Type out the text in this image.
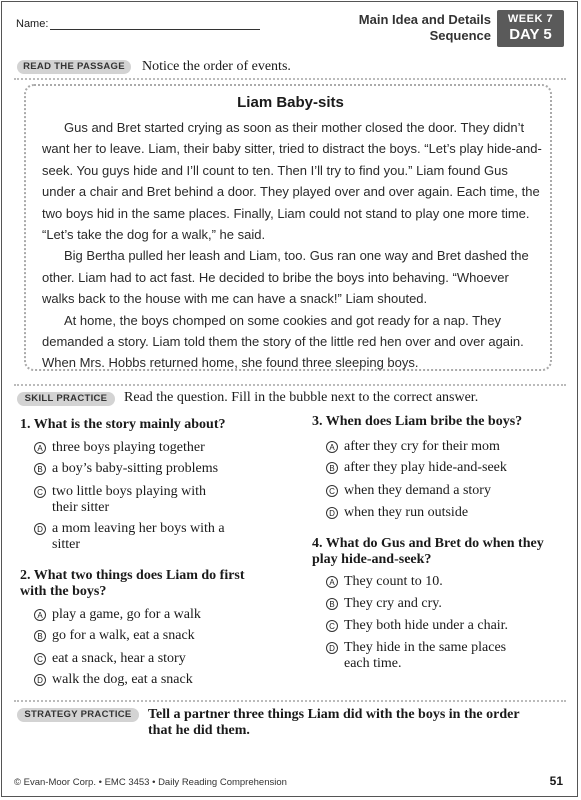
Name:	Main Idea and Details
Sequence
WEEK 7
DAY 5
READ THE PASSAGE	Notice the order of events.
Liam Baby-sits

Gus and Bret started crying as soon as their mother closed the door. They didn’t want her to leave. Liam, their baby sitter, tried to distract the boys. “Let’s play hide-and-seek. You guys hide and I’ll count to ten. Then I’ll try to find you.” Liam found Gus under a chair and Bret behind a door. They played over and over again. Each time, the two boys hid in the same places. Finally, Liam could not stand to play one more time. “Let’s take the dog for a walk,” he said.

Big Bertha pulled her leash and Liam, too. Gus ran one way and Bret dashed the other. Liam had to act fast. He decided to bribe the boys into behaving. “Whoever walks back to the house with me can have a snack!” Liam shouted.

At home, the boys chomped on some cookies and got ready for a nap. They demanded a story. Liam told them the story of the little red hen over and over again. When Mrs. Hobbs returned home, she found three sleeping boys.

SKILL PRACTICE	Read the question. Fill in the bubble next to the correct answer.
1. What is the story mainly about?
A three boys playing together
B a boy’s baby-sitting problems
C two little boys playing with their sitter
D a mom leaving her boys with a sitter
2. What two things does Liam do first with the boys?
A play a game, go for a walk
B go for a walk, eat a snack
C eat a snack, hear a story
D walk the dog, eat a snack
3. When does Liam bribe the boys?
A after they cry for their mom
B after they play hide-and-seek
C when they demand a story
D when they run outside
4. What do Gus and Bret do when they play hide-and-seek?
A They count to 10.
B They cry and cry.
C They both hide under a chair.
D They hide in the same places each time.
STRATEGY PRACTICE	Tell a partner three things Liam did with the boys in the order that he did them.
© Evan-Moor Corp. • EMC 3453 • Daily Reading Comprehension	51
